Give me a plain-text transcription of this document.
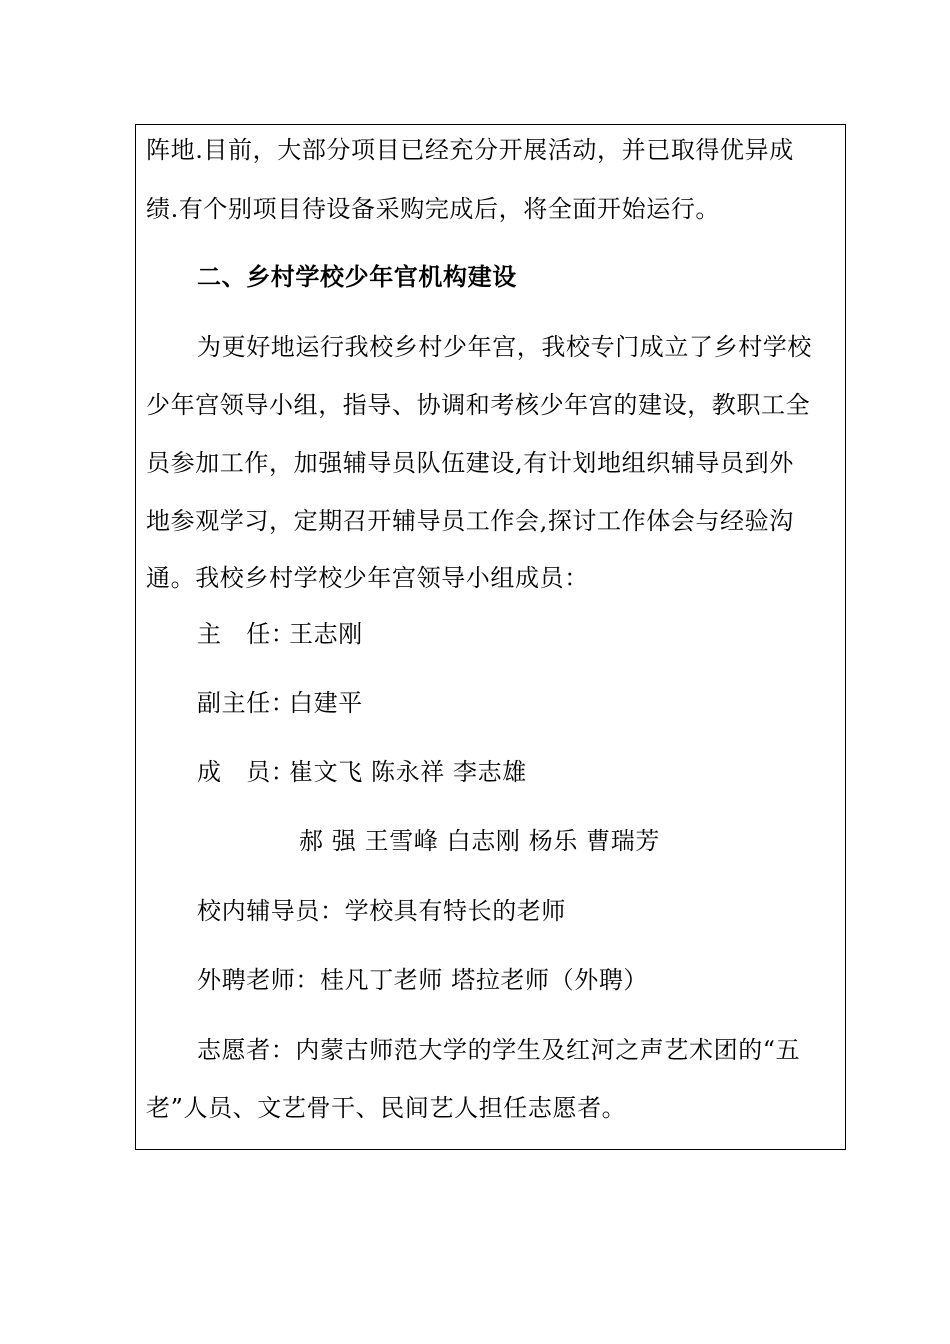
阵地.目前，大部分项目已经充分开展活动，并已取得优异成
绩.有个别项目待设备采购完成后，将全面开始运行。
二、乡村学校少年官机构建设
为更好地运行我校乡村少年宫，我校专门成立了乡村学校
少年宫领导小组，指导、协调和考核少年宫的建设，教职工全
员参加工作，加强辅导员队伍建设,有计划地组织辅导员到外
地参观学习，定期召开辅导员工作会,探讨工作体会与经验沟
通。我校乡村学校少年宫领导小组成员：
主　任：王志刚
副主任：白建平
成　员：崔文飞 陈永祥 李志雄
郝 强 王雪峰 白志刚 杨乐 曹瑞芳
校内辅导员：学校具有特长的老师
外聘老师：桂凡丁老师 塔拉老师（外聘）
志愿者：内蒙古师范大学的学生及红河之声艺术团的“五
老”人员、文艺骨干、民间艺人担任志愿者。
